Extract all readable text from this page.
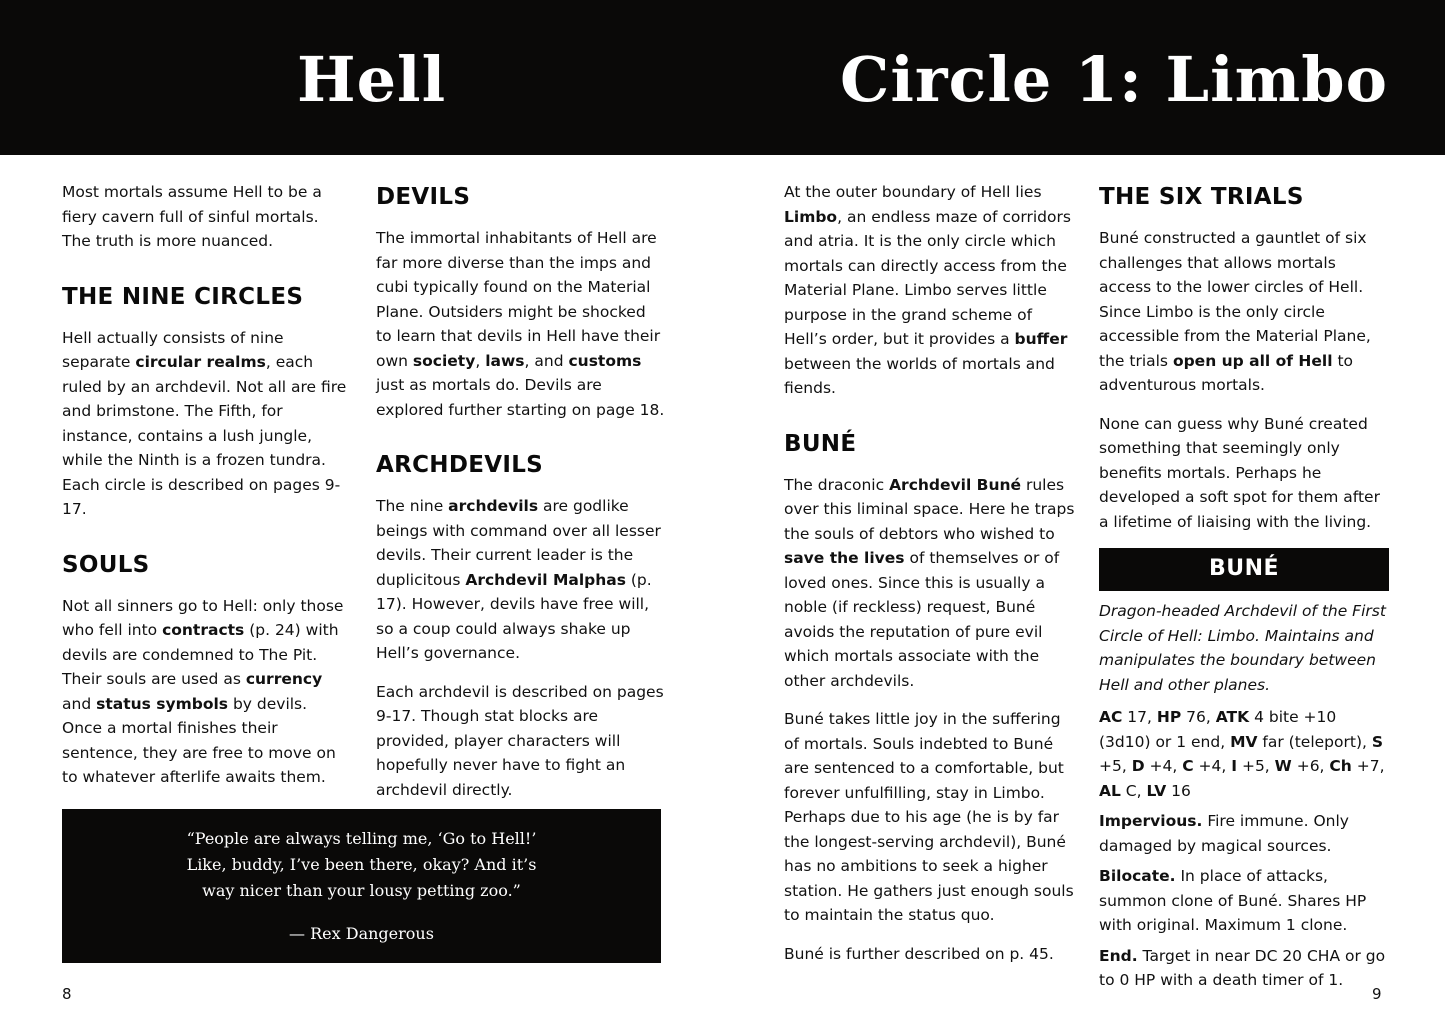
Hell	Circle 1: Limbo

Most mortals assume Hell to be a fiery cavern full of sinful mortals. The truth is more nuanced.

THE NINE CIRCLES

Hell actually consists of nine separate circular realms, each ruled by an archdevil. Not all are fire and brimstone. The Fifth, for instance, contains a lush jungle, while the Ninth is a frozen tundra. Each circle is described on pages 9-17.

SOULS

Not all sinners go to Hell: only those who fell into contracts (p. 24) with devils are condemned to The Pit. Their souls are used as currency and status symbols by devils. Once a mortal finishes their sentence, they are free to move on to whatever afterlife awaits them.

DEVILS

The immortal inhabitants of Hell are far more diverse than the imps and cubi typically found on the Material Plane. Outsiders might be shocked to learn that devils in Hell have their own society, laws, and customs just as mortals do. Devils are explored further starting on page 18.

ARCHDEVILS

The nine archdevils are godlike beings with command over all lesser devils. Their current leader is the duplicitous Archdevil Malphas (p. 17). However, devils have free will, so a coup could always shake up Hell’s governance.

Each archdevil is described on pages 9-17. Though stat blocks are provided, player characters will hopefully never have to fight an archdevil directly.

“People are always telling me, ‘Go to Hell!’
Like, buddy, I’ve been there, okay? And it’s
way nicer than your lousy petting zoo.”
— Rex Dangerous

At the outer boundary of Hell lies Limbo, an endless maze of corridors and atria. It is the only circle which mortals can directly access from the Material Plane. Limbo serves little purpose in the grand scheme of Hell’s order, but it provides a buffer between the worlds of mortals and fiends.

BUNÉ

The draconic Archdevil Buné rules over this liminal space. Here he traps the souls of debtors who wished to save the lives of themselves or of loved ones. Since this is usually a noble (if reckless) request, Buné avoids the reputation of pure evil which mortals associate with the other archdevils.

Buné takes little joy in the suffering of mortals. Souls indebted to Buné are sentenced to a comfortable, but forever unfulfilling, stay in Limbo. Perhaps due to his age (he is by far the longest-serving archdevil), Buné has no ambitions to seek a higher station. He gathers just enough souls to maintain the status quo.

Buné is further described on p. 45.

THE SIX TRIALS

Buné constructed a gauntlet of six challenges that allows mortals access to the lower circles of Hell. Since Limbo is the only circle accessible from the Material Plane, the trials open up all of Hell to adventurous mortals.

None can guess why Buné created something that seemingly only benefits mortals. Perhaps he developed a soft spot for them after a lifetime of liaising with the living.

BUNÉ

Dragon-headed Archdevil of the First Circle of Hell: Limbo. Maintains and manipulates the boundary between Hell and other planes.

AC 17, HP 76, ATK 4 bite +10 (3d10) or 1 end, MV far (teleport), S +5, D +4, C +4, I +5, W +6, Ch +7, AL C, LV 16

Impervious. Fire immune. Only damaged by magical sources.

Bilocate. In place of attacks, summon clone of Buné. Shares HP with original. Maximum 1 clone.

End. Target in near DC 20 CHA or go to 0 HP with a death timer of 1.

8	9
